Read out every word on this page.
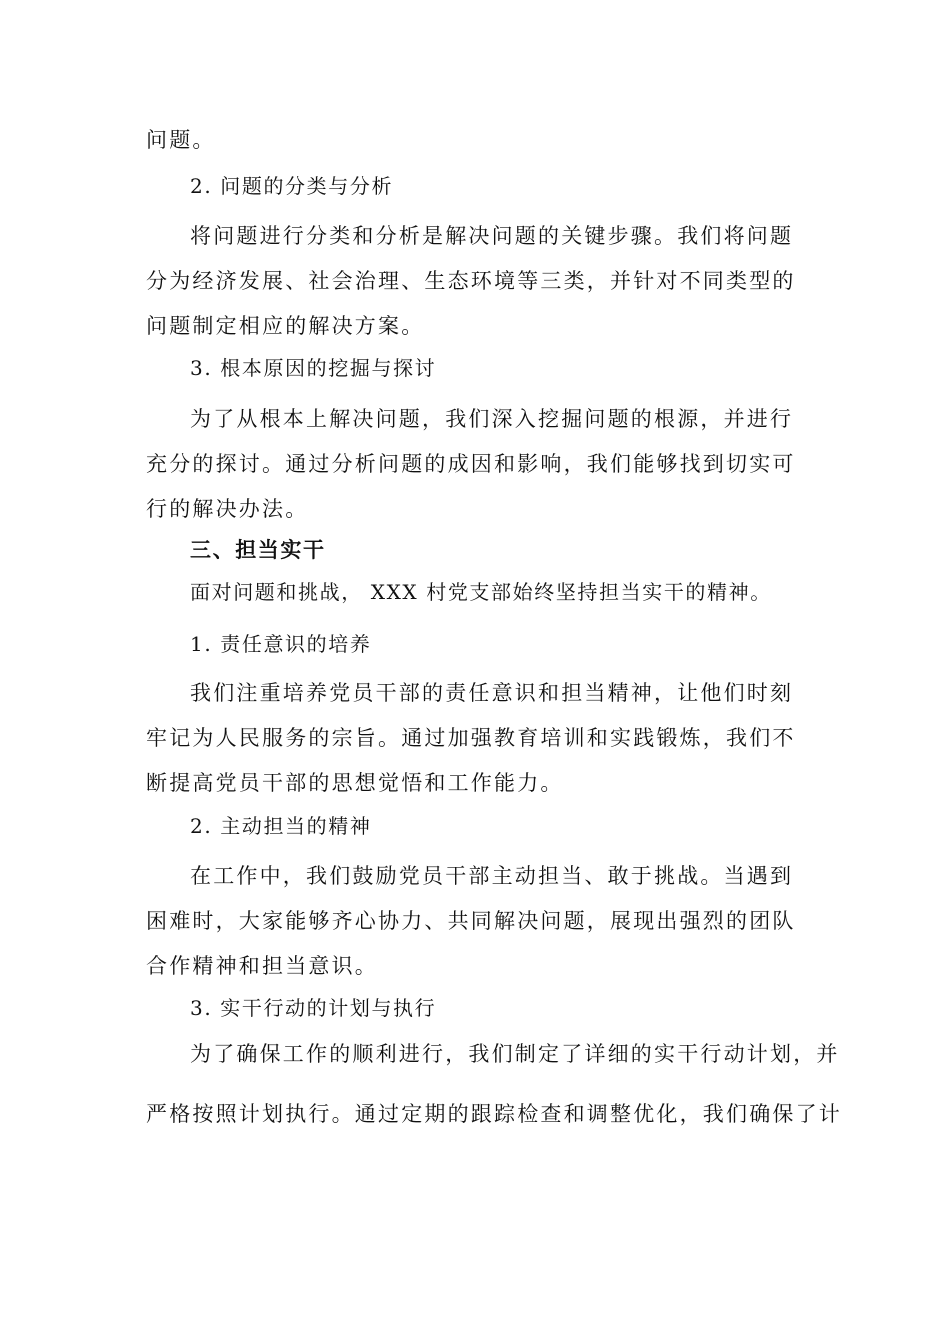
问题。
2. 问题的分类与分析
将问题进行分类和分析是解决问题的关键步骤。我们将问题分为经济发展、社会治理、生态环境等三类，并针对不同类型的问题制定相应的解决方案。
3. 根本原因的挖掘与探讨
为了从根本上解决问题，我们深入挖掘问题的根源，并进行充分的探讨。通过分析问题的成因和影响，我们能够找到切实可行的解决办法。
三、担当实干
面对问题和挑战， XXX 村党支部始终坚持担当实干的精神。
1. 责任意识的培养
我们注重培养党员干部的责任意识和担当精神，让他们时刻牢记为人民服务的宗旨。通过加强教育培训和实践锻炼，我们不断提高党员干部的思想觉悟和工作能力。
2. 主动担当的精神
在工作中，我们鼓励党员干部主动担当、敢于挑战。当遇到困难时，大家能够齐心协力、共同解决问题，展现出强烈的团队合作精神和担当意识。
3. 实干行动的计划与执行
为了确保工作的顺利进行，我们制定了详细的实干行动计划，并
严格按照计划执行。通过定期的跟踪检查和调整优化，我们确保了计
